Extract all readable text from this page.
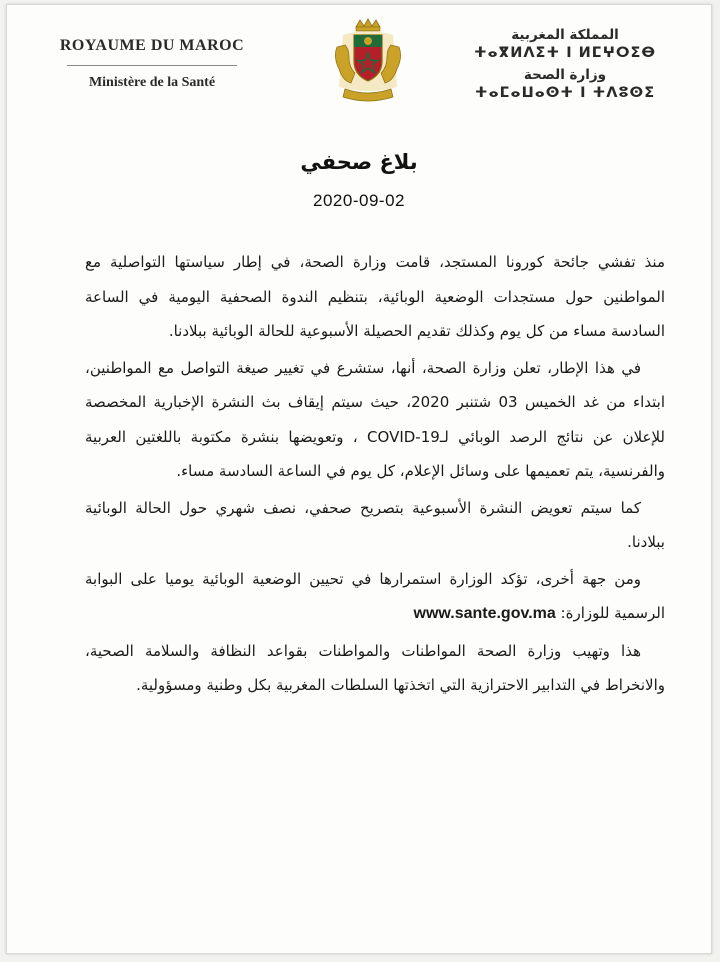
ROYAUME DU MAROC
Ministère de la Santé
المملكة المغربية
ⵜⴰⴳⵍⴷⵉⵜ ⵏ ⵍⵎⵖⵔⵉⴱ
وزارة الصحة
ⵜⴰⵎⴰⵡⴰⵙⵜ ⵏ ⵜⴷⵓⵙⵉ
بلاغ صحفي
2020-09-02

منذ تفشي جائحة كورونا المستجد، قامت وزارة الصحة، في إطار سياستها التواصلية مع المواطنين حول مستجدات الوضعية الوبائية، بتنظيم الندوة الصحفية اليومية في الساعة السادسة مساء من كل يوم وكذلك تقديم الحصيلة الأسبوعية للحالة الوبائية ببلادنا.

في هذا الإطار، تعلن وزارة الصحة، أنها، ستشرع في تغيير صيغة التواصل مع المواطنين، ابتداء من غد الخميس 03 شتنبر 2020، حيث سيتم إيقاف بث النشرة الإخبارية المخصصة للإعلان عن نتائج الرصد الوبائي لـCOVID-19 ، وتعويضها بنشرة مكتوبة باللغتين العربية والفرنسية، يتم تعميمها على وسائل الإعلام، كل يوم في الساعة السادسة مساء.

كما سيتم تعويض النشرة الأسبوعية بتصريح صحفي، نصف شهري حول الحالة الوبائية ببلادنا.

ومن جهة أخرى، تؤكد الوزارة استمرارها في تحيين الوضعية الوبائية يوميا على البوابة الرسمية للوزارة: www.sante.gov.ma

هذا وتهيب وزارة الصحة المواطنات والمواطنات بقواعد النظافة والسلامة الصحية، والانخراط في التدابير الاحترازية التي اتخذتها السلطات المغربية بكل وطنية ومسؤولية.
